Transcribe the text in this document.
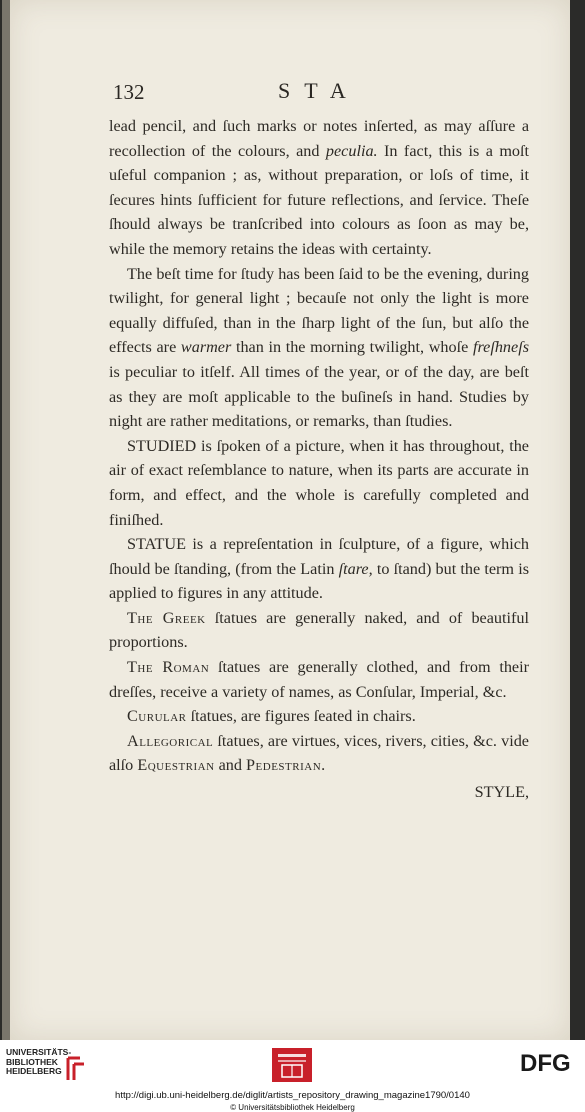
132	STA

lead pencil, and ſuch marks or notes inſerted, as may aſſure a recollection of the colours, and peculia. In fact, this is a moſt uſeful companion ; as, without preparation, or loſs of time, it ſecures hints ſufficient for future reflections, and ſervice. Theſe ſhould always be tranſcribed into colours as ſoon as may be, while the memory retains the ideas with certainty.

The beſt time for ſtudy has been ſaid to be the evening, during twilight, for general light ; becauſe not only the light is more equally diffuſed, than in the ſharp light of the ſun, but alſo the effects are warmer than in the morning twilight, whoſe freſhneſs is peculiar to itſelf. All times of the year, or of the day, are beſt as they are moſt applicable to the buſineſs in hand. Studies by night are rather meditations, or remarks, than ſtudies.

STUDIED is ſpoken of a picture, when it has throughout, the air of exact reſemblance to nature, when its parts are accurate in form, and effect, and the whole is carefully completed and finiſhed.

STATUE is a repreſentation in ſculpture, of a figure, which ſhould be ſtanding, (from the Latin ſtare, to ſtand) but the term is applied to figures in any attitude.

The Greek ſtatues are generally naked, and of beautiful proportions.

The Roman ſtatues are generally clothed, and from their dreſſes, receive a variety of names, as Conſular, Imperial, &c.

Curular ſtatues, are figures ſeated in chairs.

Allegorical ſtatues, are virtues, vices, rivers, cities, &c. vide alſo Equestrian and Pedestrian.

STYLE,
UNIVERSITÄTS-
BIBLIOTHEK
HEIDELBERG	DFG
http://digi.ub.uni-heidelberg.de/diglit/artists_repository_drawing_magazine1790/0140
© Universitätsbibliothek Heidelberg
